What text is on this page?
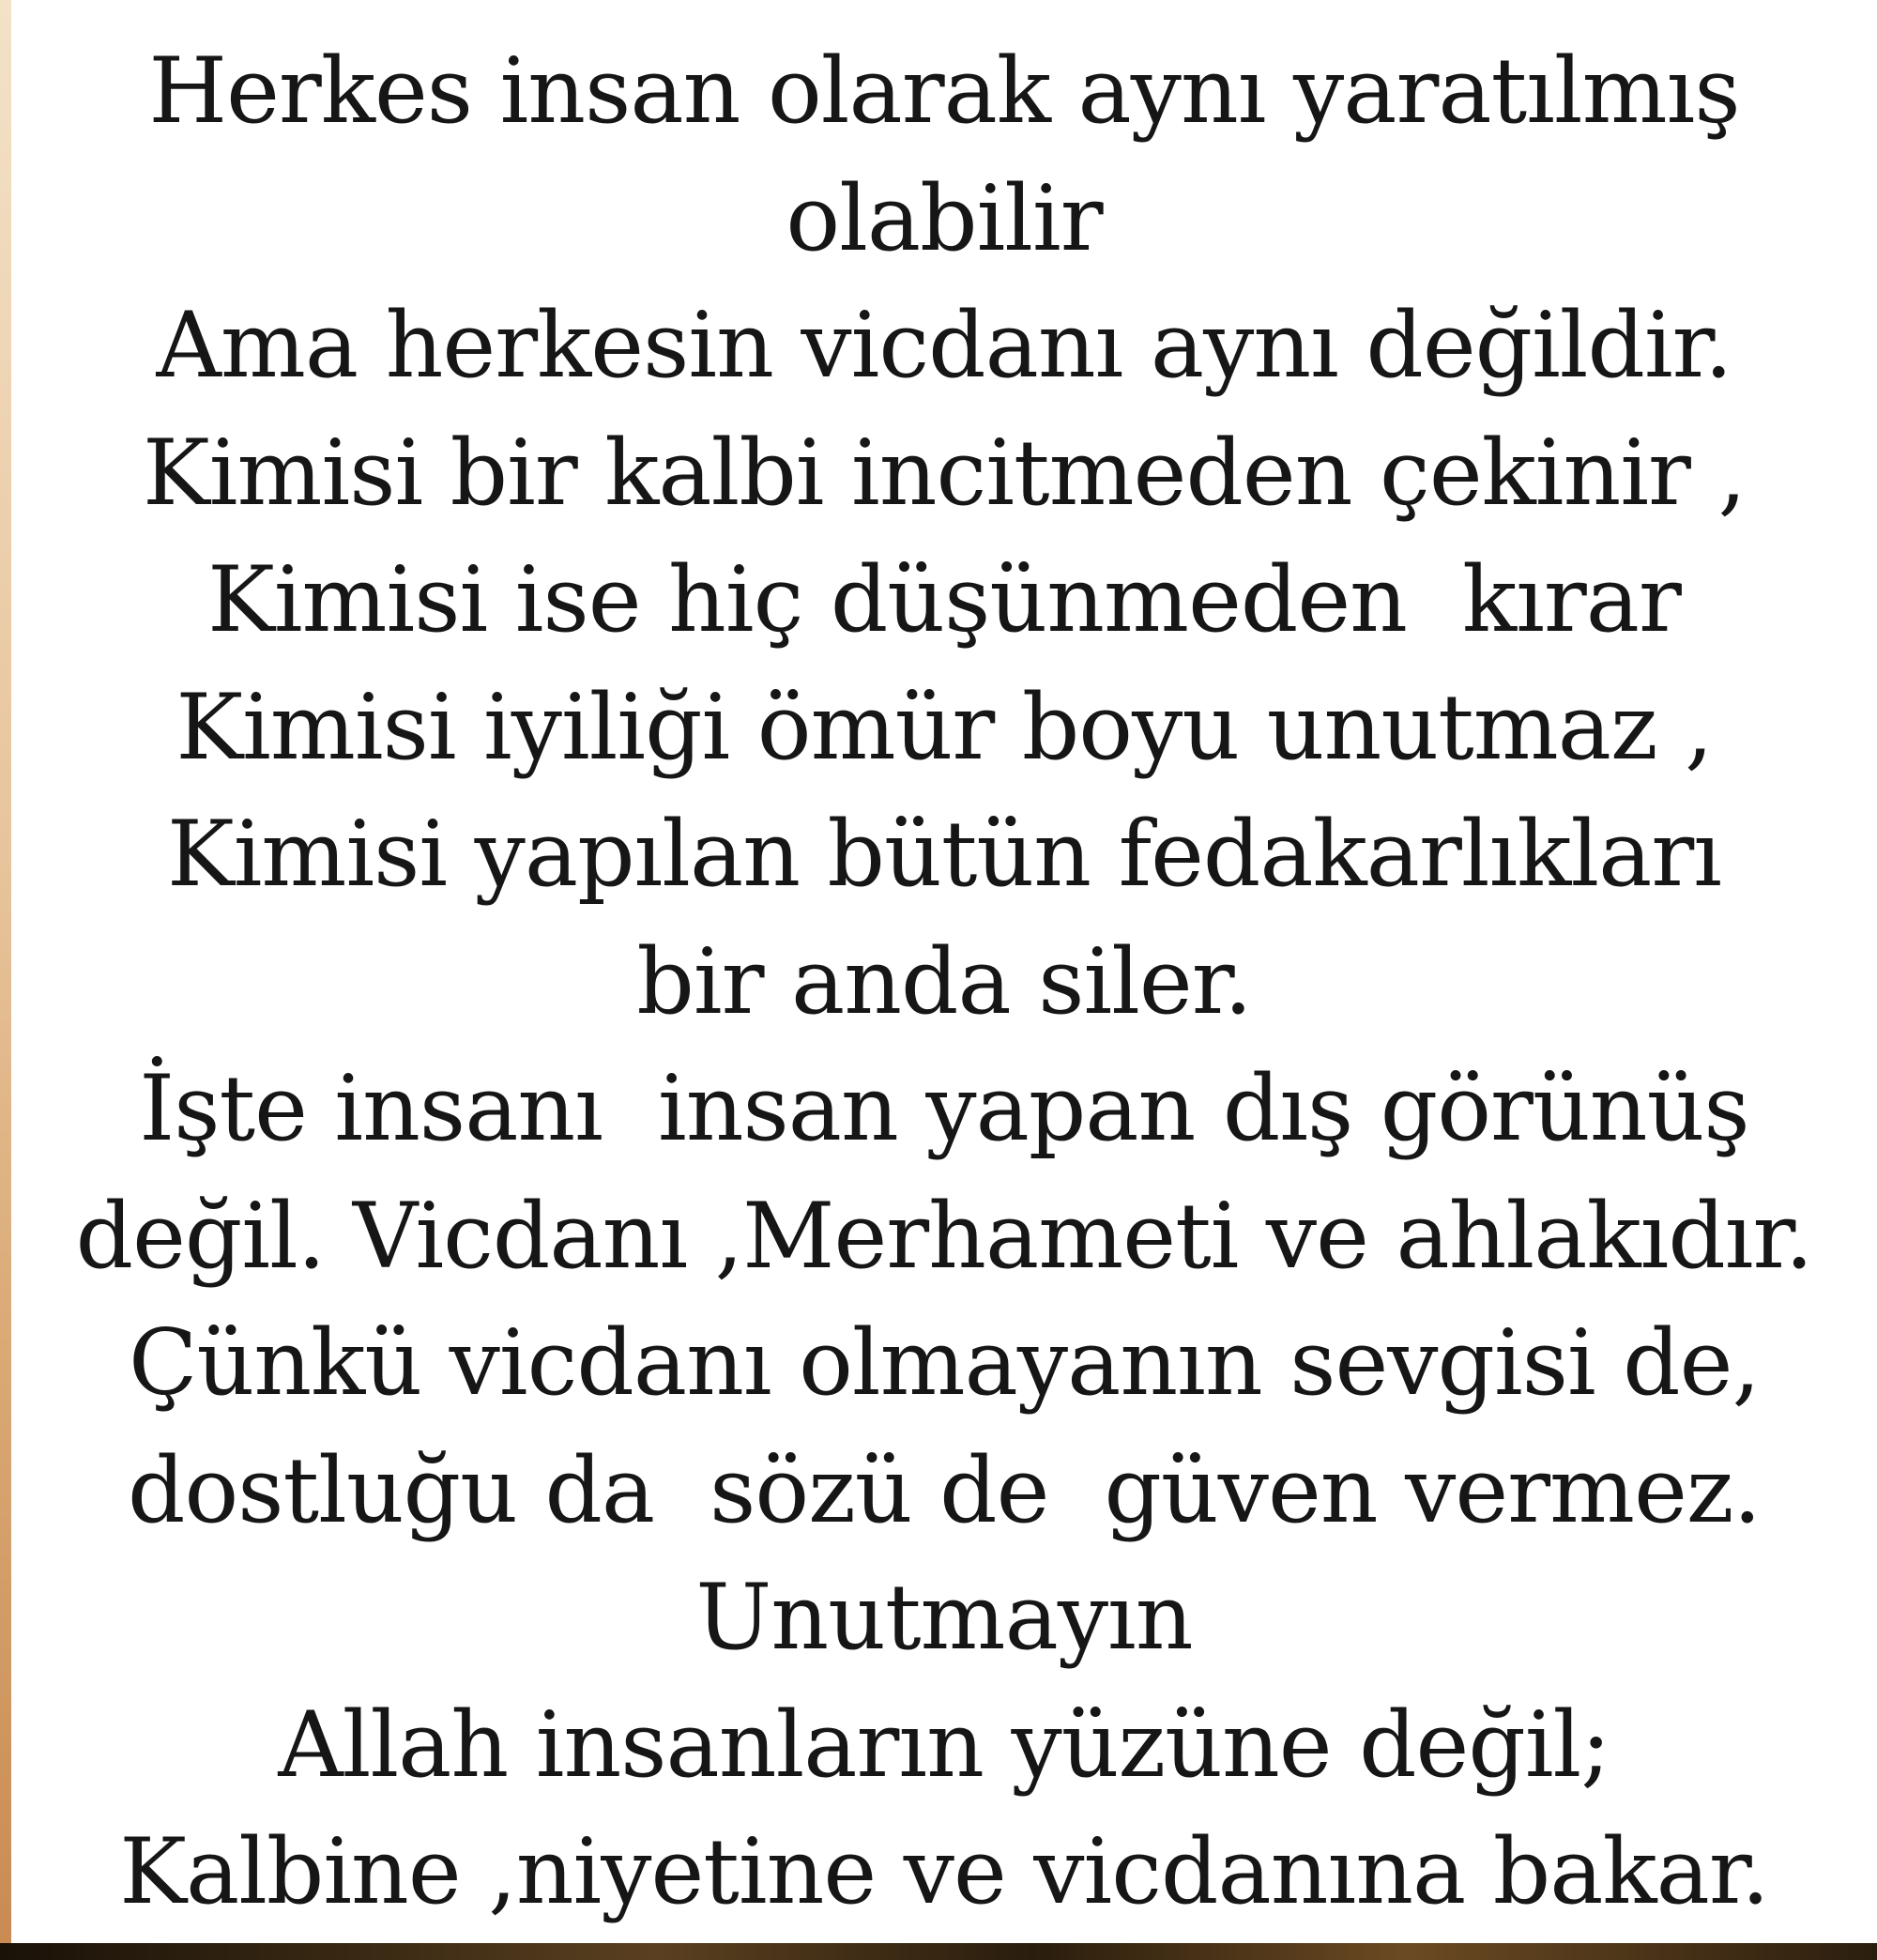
Herkes insan olarak aynı yaratılmış
olabilir
Ama herkesin vicdanı aynı değildir.
Kimisi bir kalbi incitmeden çekinir ,
Kimisi ise hiç düşünmeden  kırar
Kimisi iyiliği ömür boyu unutmaz ,
Kimisi yapılan bütün fedakarlıkları
bir anda siler.
İşte insanı  insan yapan dış görünüş
değil. Vicdanı ,Merhameti ve ahlakıdır.
Çünkü vicdanı olmayanın sevgisi de,
dostluğu da  sözü de  güven vermez.
Unutmayın
Allah insanların yüzüne değil;
Kalbine ,niyetine ve vicdanına bakar.
